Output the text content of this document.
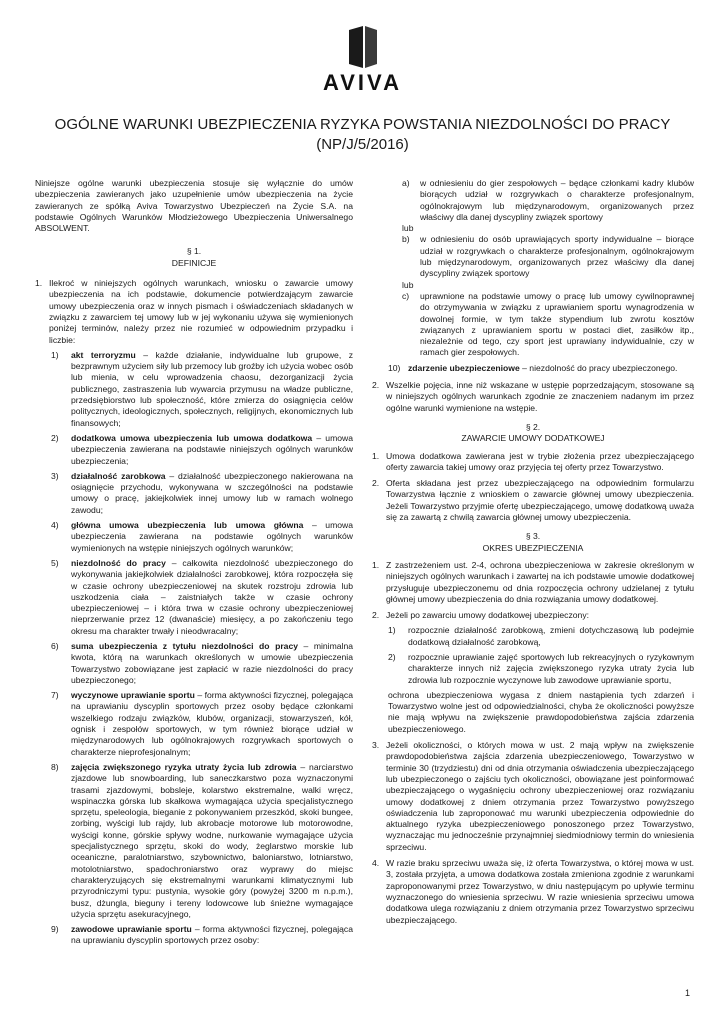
AVIVA
OGÓLNE WARUNKI UBEZPIECZENIA RYZYKA POWSTANIA NIEZDOLNOŚCI DO PRACY
(NP/J/5/2016)

Niniejsze ogólne warunki ubezpieczenia stosuje się wyłącznie do umów ubezpieczenia zawieranych jako uzupełnienie umów ubezpieczenia na życie zawieranych ze spółką Aviva Towarzystwo Ubezpieczeń na Życie S.A. na podstawie Ogólnych Warunków Młodzieżowego Ubezpieczenia Uniwersalnego ABSOLWENT.

§ 1.

DEFINICJE

1. Ilekroć w niniejszych ogólnych warunkach, wniosku o zawarcie umowy ubezpieczenia na ich podstawie, dokumencie potwierdzającym zawarcie umowy ubezpieczenia oraz w innych pismach i oświadczeniach składanych w związku z zawarciem tej umowy lub w jej wykonaniu używa się wymienionych poniżej terminów, należy przez nie rozumieć w odpowiednim przypadku i liczbie:
1)	akt terroryzmu – każde działanie, indywidualne lub grupowe, z bezprawnym użyciem siły lub przemocy lub groźby ich użycia wobec osób lub mienia, w celu wprowadzenia chaosu, dezorganizacji życia publicznego, zastraszenia lub wywarcia przymusu na władze publiczne, przedsiębiorstwo lub społeczność, które zmierza do osiągnięcia celów politycznych, ideologicznych, społecznych, religijnych, ekonomicznych lub finansowych;
2)	dodatkowa umowa ubezpieczenia lub umowa dodatkowa – umowa ubezpieczenia zawierana na podstawie niniejszych ogólnych warunków ubezpieczenia;
3)	działalność zarobkowa – działalność ubezpieczonego nakierowana na osiągnięcie przychodu, wykonywana w szczególności na podstawie umowy o pracę, jakiejkolwiek innej umowy lub w ramach wolnego zawodu;
4)	główna umowa ubezpieczenia lub umowa główna – umowa ubezpieczenia zawierana na podstawie ogólnych warunków wymienionych na wstępie niniejszych ogólnych warunków;
5)	niezdolność do pracy – całkowita niezdolność ubezpieczonego do wykonywania jakiejkolwiek działalności zarobkowej, która rozpoczęła się w czasie ochrony ubezpieczeniowej na skutek rozstroju zdrowia lub uszkodzenia ciała – zaistniałych także w czasie ochrony ubezpieczeniowej – i która trwa w czasie ochrony ubezpieczeniowej nieprzerwanie przez 12 (dwanaście) miesięcy, a po zakończeniu tego okresu ma charakter trwały i nieodwracalny;
6)	suma ubezpieczenia z tytułu niezdolności do pracy – minimalna kwota, którą na warunkach określonych w umowie ubezpieczenia Towarzystwo zobowiązane jest zapłacić w razie niezdolności do pracy ubezpieczonego;
7)	wyczynowe uprawianie sportu – forma aktywności fizycznej, polegająca na uprawianiu dyscyplin sportowych przez osoby będące członkami wszelkiego rodzaju związków, klubów, organizacji, stowarzyszeń, kół, ognisk i zespołów sportowych, w tym również biorące udział w międzynarodowych lub ogólnokrajowych rozgrywkach sportowych o charakterze nieprofesjonalnym;
8)	zajęcia zwiększonego ryzyka utraty życia lub zdrowia – narciarstwo zjazdowe lub snowboarding, lub saneczkarstwo poza wyznaczonymi trasami zjazdowymi, bobsleje, kolarstwo ekstremalne, walki wręcz, wspinaczka górska lub skałkowa wymagająca użycia specjalistycznego sprzętu, speleologia, bieganie z pokonywaniem przeszkód, skoki bungee, zorbing, wyścigi lub rajdy, lub akrobacje motorowe lub motorowodne, wyścigi konne, górskie spływy wodne, nurkowanie wymagające użycia specjalistycznego sprzętu, skoki do wody, żeglarstwo morskie lub oceaniczne, paralotniarstwo, szybownictwo, baloniarstwo, lotniarstwo, motolotniarstwo, spadochroniarstwo oraz wyprawy do miejsc charakteryzujących się ekstremalnymi warunkami klimatycznymi lub przyrodniczymi typu: pustynia, wysokie góry (powyżej 3200 m n.p.m.), busz, dżungla, bieguny i tereny lodowcowe lub śnieżne wymagające użycia sprzętu asekuracyjnego,
9)	zawodowe uprawianie sportu – forma aktywności fizycznej, polegająca na uprawianiu dyscyplin sportowych przez osoby:
a)	w odniesieniu do gier zespołowych – będące członkami kadry klubów biorących udział w rozgrywkach o charakterze profesjonalnym, ogólnokrajowym lub międzynarodowym, organizowanych przez właściwy dla danej dyscypliny związek sportowy

lub

b)	w odniesieniu do osób uprawiających sporty indywidualne – biorące udział w rozgrywkach o charakterze profesjonalnym, ogólnokrajowym lub międzynarodowym, organizowanych przez właściwy dla danej dyscypliny związek sportowy

lub

c)	uprawnione na podstawie umowy o pracę lub umowy cywilnoprawnej do otrzymywania w związku z uprawianiem sportu wynagrodzenia w dowolnej formie, w tym także stypendium lub zwrotu kosztów związanych z uprawianiem sportu w postaci diet, zasiłków itp., niezależnie od tego, czy sport jest uprawiany indywidualnie, czy w ramach gier zespołowych.
10) zdarzenie ubezpieczeniowe – niezdolność do pracy ubezpieczonego.
2. Wszelkie pojęcia, inne niż wskazane w ustępie poprzedzającym, stosowane są w niniejszych ogólnych warunkach zgodnie ze znaczeniem nadanym im przez ogólne warunki wymienione na wstępie.

§ 2.

ZAWARCIE UMOWY DODATKOWEJ

1. Umowa dodatkowa zawierana jest w trybie złożenia przez ubezpieczającego oferty zawarcia takiej umowy oraz przyjęcia tej oferty przez Towarzystwo.
2. Oferta składana jest przez ubezpieczającego na odpowiednim formularzu Towarzystwa łącznie z wnioskiem o zawarcie głównej umowy ubezpieczenia. Jeżeli Towarzystwo przyjmie ofertę ubezpieczającego, umowę dodatkową uważa się za zawartą z chwilą zawarcia głównej umowy ubezpieczenia.

§ 3.

OKRES UBEZPIECZENIA

1. Z zastrzeżeniem ust. 2-4, ochrona ubezpieczeniowa w zakresie określonym w niniejszych ogólnych warunkach i zawartej na ich podstawie umowie dodatkowej przysługuje ubezpieczonemu od dnia rozpoczęcia ochrony udzielanej z tytułu głównej umowy ubezpieczenia do dnia rozwiązania umowy dodatkowej.
2. Jeżeli po zawarciu umowy dodatkowej ubezpieczony:
1)	rozpocznie działalność zarobkową, zmieni dotychczasową lub podejmie dodatkową działalność zarobkową,
2)	rozpocznie uprawianie zajęć sportowych lub rekreacyjnych o ryzykownym charakterze innych niż zajęcia zwiększonego ryzyka utraty życia lub zdrowia lub rozpocznie wyczynowe lub zawodowe uprawianie sportu,

ochrona ubezpieczeniowa wygasa z dniem nastąpienia tych zdarzeń i Towarzystwo wolne jest od odpowiedzialności, chyba że okoliczności powyższe nie mają wpływu na zwiększenie prawdopodobieństwa zajścia zdarzenia ubezpieczeniowego.

3. Jeżeli okoliczności, o których mowa w ust. 2 mają wpływ na zwiększenie prawdopodobieństwa zajścia zdarzenia ubezpieczeniowego, Towarzystwo w terminie 30 (trzydziestu) dni od dnia otrzymania oświadczenia ubezpieczającego lub ubezpieczonego o zajściu tych okoliczności, obowiązane jest poinformować ubezpieczającego o wygaśnięciu ochrony ubezpieczeniowej oraz rozwiązaniu umowy dodatkowej z dniem otrzymania przez Towarzystwo powyższego oświadczenia lub zaproponować mu warunki ubezpieczenia odpowiednie do aktualnego ryzyka ubezpieczeniowego ponoszonego przez Towarzystwo, wyznaczając mu jednocześnie przynajmniej siedmiodniowy termin do wniesienia sprzeciwu.
4. W razie braku sprzeciwu uważa się, iż oferta Towarzystwa, o której mowa w ust. 3, została przyjęta, a umowa dodatkowa została zmieniona zgodnie z warunkami zaproponowanymi przez Towarzystwo, w dniu następującym po upływie terminu wyznaczonego do wniesienia sprzeciwu. W razie wniesienia sprzeciwu umowa dodatkowa ulega rozwiązaniu z dniem otrzymania przez Towarzystwo sprzeciwu ubezpieczającego.
1
